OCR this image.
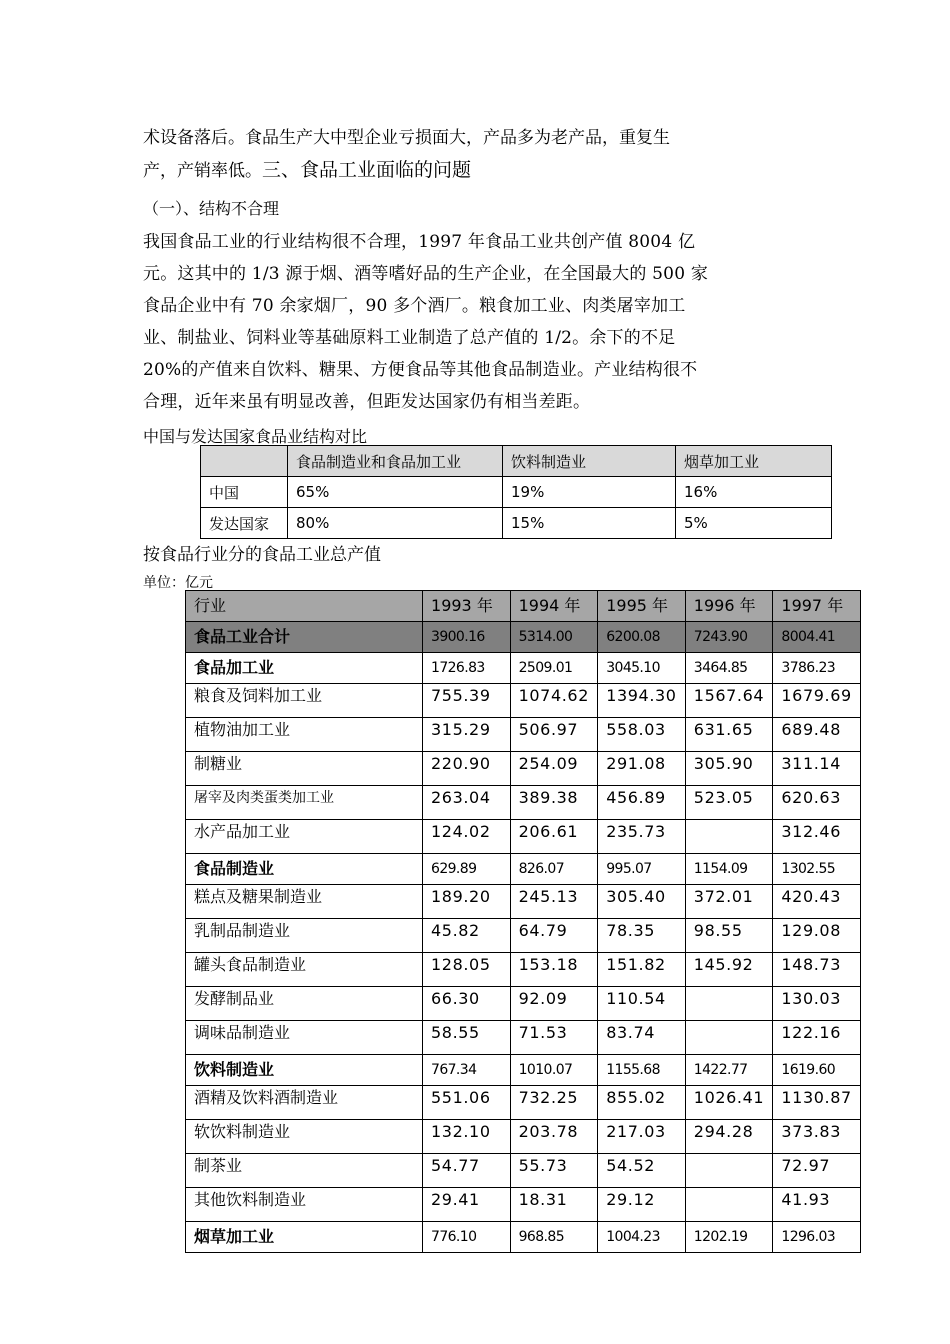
术设备落后。食品生产大中型企业亏损面大，产品多为老产品，重复生
产，产销率低。三、食品工业面临的问题

（一）、结构不合理

我国食品工业的行业结构很不合理，1997 年食品工业共创产值 8004 亿
元。这其中的 1/3 源于烟、酒等嗜好品的生产企业，在全国最大的 500 家
食品企业中有 70 余家烟厂，90 多个酒厂。粮食加工业、肉类屠宰加工
业、制盐业、饲料业等基础原料工业制造了总产值的 1/2。余下的不足
20%的产值来自饮料、糖果、方便食品等其他食品制造业。产业结构很不
合理，近年来虽有明显改善，但距发达国家仍有相当差距。

中国与发达国家食品业结构对比
	食品制造业和食品加工业	饮料制造业	烟草加工业
中国	65%	19%	16%
发达国家	80%	15%	5%
按食品行业分的食品工业总产值
单位：亿元
行业	1993 年	1994 年	1995 年	1996 年	1997 年
食品工业合计	3900.16	5314.00	6200.08	7243.90	8004.41
食品加工业	1726.83	2509.01	3045.10	3464.85	3786.23
粮食及饲料加工业	755.39	1074.62	1394.30	1567.64	1679.69
植物油加工业	315.29	506.97	558.03	631.65	689.48
制糖业	220.90	254.09	291.08	305.90	311.14
屠宰及肉类蛋类加工业	263.04	389.38	456.89	523.05	620.63
水产品加工业	124.02	206.61	235.73		312.46
食品制造业	629.89	826.07	995.07	1154.09	1302.55
糕点及糖果制造业	189.20	245.13	305.40	372.01	420.43
乳制品制造业	45.82	64.79	78.35	98.55	129.08
罐头食品制造业	128.05	153.18	151.82	145.92	148.73
发酵制品业	66.30	92.09	110.54		130.03
调味品制造业	58.55	71.53	83.74		122.16
饮料制造业	767.34	1010.07	1155.68	1422.77	1619.60
酒精及饮料酒制造业	551.06	732.25	855.02	1026.41	1130.87
软饮料制造业	132.10	203.78	217.03	294.28	373.83
制茶业	54.77	55.73	54.52		72.97
其他饮料制造业	29.41	18.31	29.12		41.93
烟草加工业	776.10	968.85	1004.23	1202.19	1296.03
